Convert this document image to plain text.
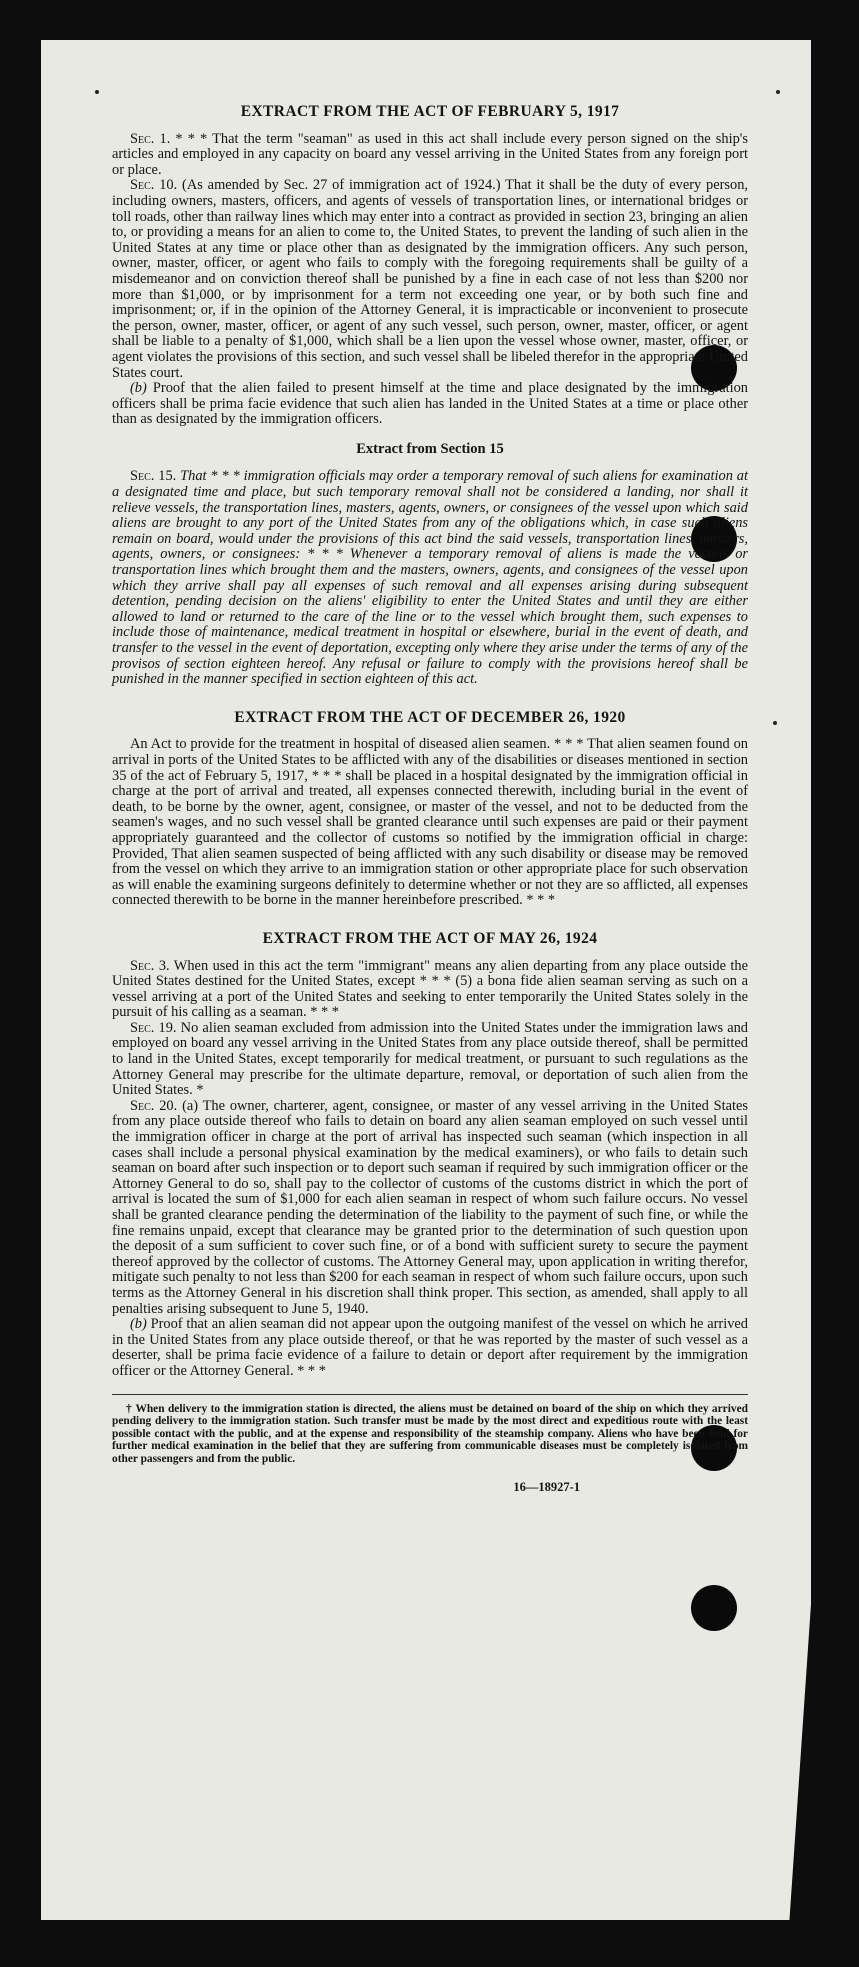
EXTRACT FROM THE ACT OF FEBRUARY 5, 1917

Sec. 1. * * * That the term "seaman" as used in this act shall include every person signed on the ship's articles and employed in any capacity on board any vessel arriving in the United States from any foreign port or place.

Sec. 10. (As amended by Sec. 27 of immigration act of 1924.) That it shall be the duty of every person, including owners, masters, officers, and agents of vessels of transportation lines, or international bridges or toll roads, other than railway lines which may enter into a contract as provided in section 23, bringing an alien to, or providing a means for an alien to come to, the United States, to prevent the landing of such alien in the United States at any time or place other than as designated by the immigration officers. Any such person, owner, master, officer, or agent who fails to comply with the foregoing requirements shall be guilty of a misdemeanor and on conviction thereof shall be punished by a fine in each case of not less than $200 nor more than $1,000, or by imprisonment for a term not exceeding one year, or by both such fine and imprisonment; or, if in the opinion of the Attorney General, it is impracticable or inconvenient to prosecute the person, owner, master, officer, or agent of any such vessel, such person, owner, master, officer, or agent shall be liable to a penalty of $1,000, which shall be a lien upon the vessel whose owner, master, officer, or agent violates the provisions of this section, and such vessel shall be libeled therefor in the appropriate United States court.

(b) Proof that the alien failed to present himself at the time and place designated by the immigration officers shall be prima facie evidence that such alien has landed in the United States at a time or place other than as designated by the immigration officers.

Extract from Section 15

Sec. 15. That * * * immigration officials may order a temporary removal of such aliens for examination at a designated time and place, but such temporary removal shall not be considered a landing, nor shall it relieve vessels, the transportation lines, masters, agents, owners, or consignees of the vessel upon which said aliens are brought to any port of the United States from any of the obligations which, in case such aliens remain on board, would under the provisions of this act bind the said vessels, transportation lines, masters, agents, owners, or consignees: * * * Whenever a temporary removal of aliens is made the vessels or transportation lines which brought them and the masters, owners, agents, and consignees of the vessel upon which they arrive shall pay all expenses of such removal and all expenses arising during subsequent detention, pending decision on the aliens' eligibility to enter the United States and until they are either allowed to land or returned to the care of the line or to the vessel which brought them, such expenses to include those of maintenance, medical treatment in hospital or elsewhere, burial in the event of death, and transfer to the vessel in the event of deportation, excepting only where they arise under the terms of any of the provisos of section eighteen hereof. Any refusal or failure to comply with the provisions hereof shall be punished in the manner specified in section eighteen of this act.

EXTRACT FROM THE ACT OF DECEMBER 26, 1920

An Act to provide for the treatment in hospital of diseased alien seamen. * * * That alien seamen found on arrival in ports of the United States to be afflicted with any of the disabilities or diseases mentioned in section 35 of the act of February 5, 1917, * * * shall be placed in a hospital designated by the immigration official in charge at the port of arrival and treated, all expenses connected therewith, including burial in the event of death, to be borne by the owner, agent, consignee, or master of the vessel, and not to be deducted from the seamen's wages, and no such vessel shall be granted clearance until such expenses are paid or their payment appropriately guaranteed and the collector of customs so notified by the immigration official in charge: Provided, That alien seamen suspected of being afflicted with any such disability or disease may be removed from the vessel on which they arrive to an immigration station or other appropriate place for such observation as will enable the examining surgeons definitely to determine whether or not they are so afflicted, all expenses connected therewith to be borne in the manner hereinbefore prescribed. * * *

EXTRACT FROM THE ACT OF MAY 26, 1924

Sec. 3. When used in this act the term "immigrant" means any alien departing from any place outside the United States destined for the United States, except * * * (5) a bona fide alien seaman serving as such on a vessel arriving at a port of the United States and seeking to enter temporarily the United States solely in the pursuit of his calling as a seaman. * * *

Sec. 19. No alien seaman excluded from admission into the United States under the immigration laws and employed on board any vessel arriving in the United States from any place outside thereof, shall be permitted to land in the United States, except temporarily for medical treatment, or pursuant to such regulations as the Attorney General may prescribe for the ultimate departure, removal, or deportation of such alien from the United States. *

Sec. 20. (a) The owner, charterer, agent, consignee, or master of any vessel arriving in the United States from any place outside thereof who fails to detain on board any alien seaman employed on such vessel until the immigration officer in charge at the port of arrival has inspected such seaman (which inspection in all cases shall include a personal physical examination by the medical examiners), or who fails to detain such seaman on board after such inspection or to deport such seaman if required by such immigration officer or the Attorney General to do so, shall pay to the collector of customs of the customs district in which the port of arrival is located the sum of $1,000 for each alien seaman in respect of whom such failure occurs. No vessel shall be granted clearance pending the determination of the liability to the payment of such fine, or while the fine remains unpaid, except that clearance may be granted prior to the determination of such question upon the deposit of a sum sufficient to cover such fine, or of a bond with sufficient surety to secure the payment thereof approved by the collector of customs. The Attorney General may, upon application in writing therefor, mitigate such penalty to not less than $200 for each seaman in respect of whom such failure occurs, upon such terms as the Attorney General in his discretion shall think proper. This section, as amended, shall apply to all penalties arising subsequent to June 5, 1940.

(b) Proof that an alien seaman did not appear upon the outgoing manifest of the vessel on which he arrived in the United States from any place outside thereof, or that he was reported by the master of such vessel as a deserter, shall be prima facie evidence of a failure to detain or deport after requirement by the immigration officer or the Attorney General. * * *

† When delivery to the immigration station is directed, the aliens must be detained on board of the ship on which they arrived pending delivery to the immigration station. Such transfer must be made by the most direct and expeditious route with the least possible contact with the public, and at the expense and responsibility of the steamship company. Aliens who have been held for further medical examination in the belief that they are suffering from communicable diseases must be completely isolated from other passengers and from the public.

16—18927-1
